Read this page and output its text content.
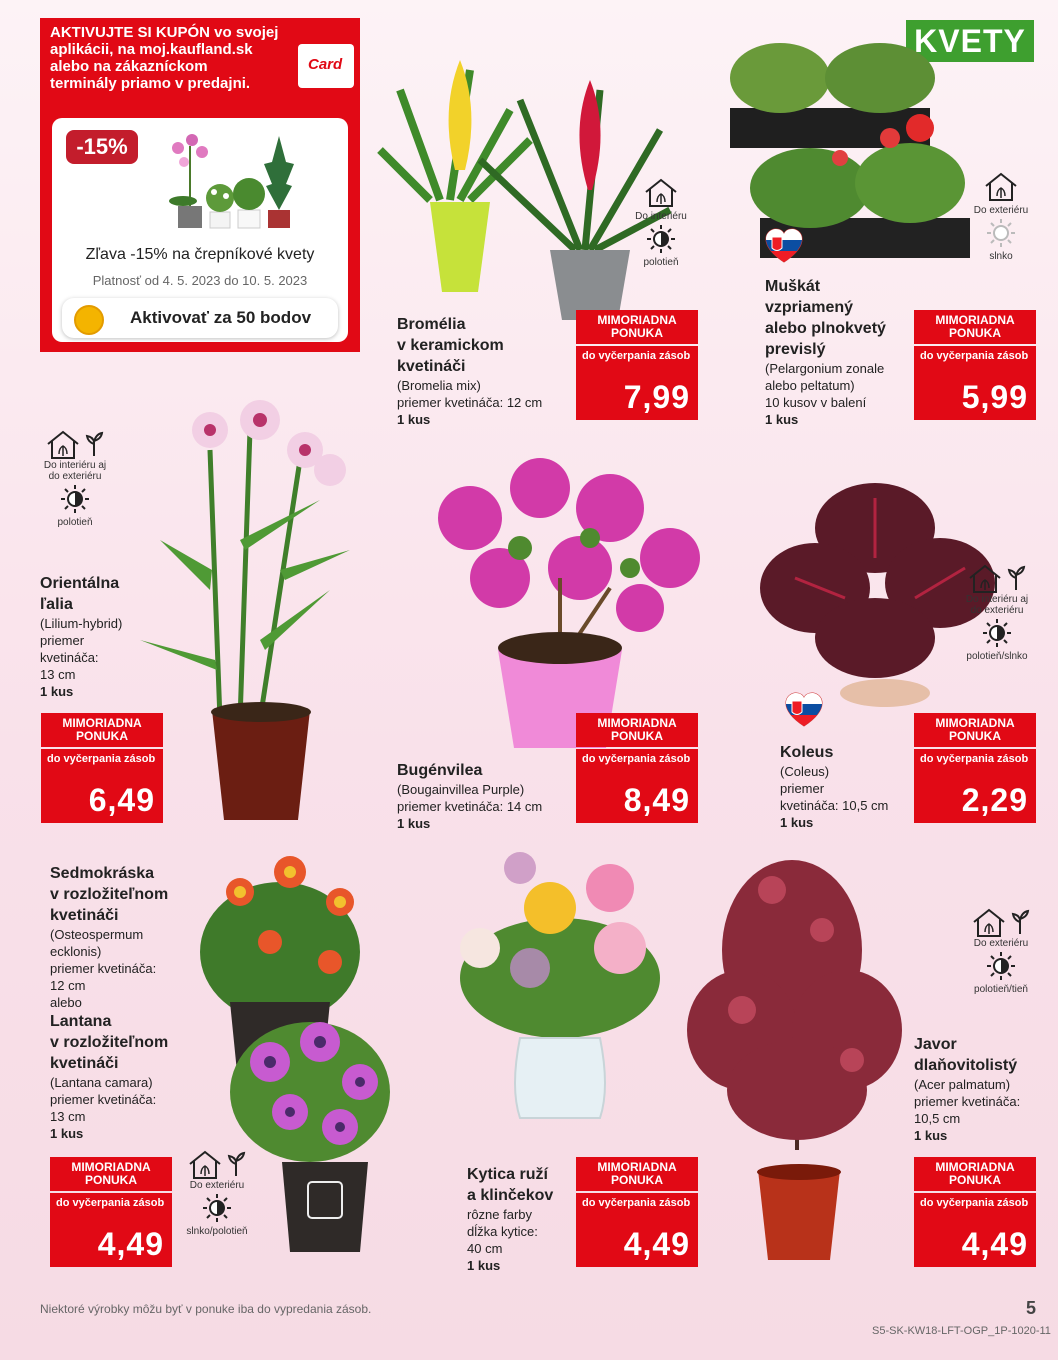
AKTIVUJTE SI KUPÓN vo svojej
aplikácii, na moj.kaufland.sk
alebo na zákazníckom
terminály priamo v predajni.
Card
-15%
Zľava -15% na črepníkové kvety
Platnosť od 4. 5. 2023 do 10. 5. 2023
Aktivovať za 50 bodov
KVETY
Do interiéru
polotieň
Do exteriéru
slnko
Bromélia
v keramickom
kvetináči
(Bromelia mix)
priemer kvetináča: 12 cm
1 kus
Muškát
vzpriamený
alebo plnokvetý
previslý
(Pelargonium zonale
alebo peltatum)
10 kusov v balení
1 kus
MIMORIADNA
PONUKA
do vyčerpania zásob
7,99
MIMORIADNA
PONUKA
do vyčerpania zásob
5,99
Do interiéru aj
do exteriéru
polotieň
Do interiéru aj
do exteriéru
polotieň/slnko
Orientálna
ľalia
(Lilium-hybrid)
priemer
kvetináča:
13 cm
1 kus
Bugénvilea
(Bougainvillea Purple)
priemer kvetináča: 14 cm
1 kus
Koleus
(Coleus)
priemer
kvetináča: 10,5 cm
1 kus
MIMORIADNA
PONUKA
do vyčerpania zásob
6,49
MIMORIADNA
PONUKA
do vyčerpania zásob
8,49
MIMORIADNA
PONUKA
do vyčerpania zásob
2,29
Do exteriéru
slnko/polotieň
Do exteriéru
polotieň/tieň
Sedmokráska
v rozložiteľnom
kvetináči
(Osteospermum
ecklonis)
priemer kvetináča:
12 cm
alebo
Lantana
v rozložiteľnom
kvetináči
(Lantana camara)
priemer kvetináča:
13 cm
1 kus
Kytica ruží
a klinčekov
rôzne farby
dĺžka kytice:
40 cm
1 kus
Javor
dlaňovitolistý
(Acer palmatum)
priemer kvetináča:
10,5 cm
1 kus
MIMORIADNA
PONUKA
do vyčerpania zásob
4,49
MIMORIADNA
PONUKA
do vyčerpania zásob
4,49
MIMORIADNA
PONUKA
do vyčerpania zásob
4,49
Niektoré výrobky môžu byť v ponuke iba do vypredania zásob.	5
S5-SK-KW18-LFT-OGP_1P-1020-11
